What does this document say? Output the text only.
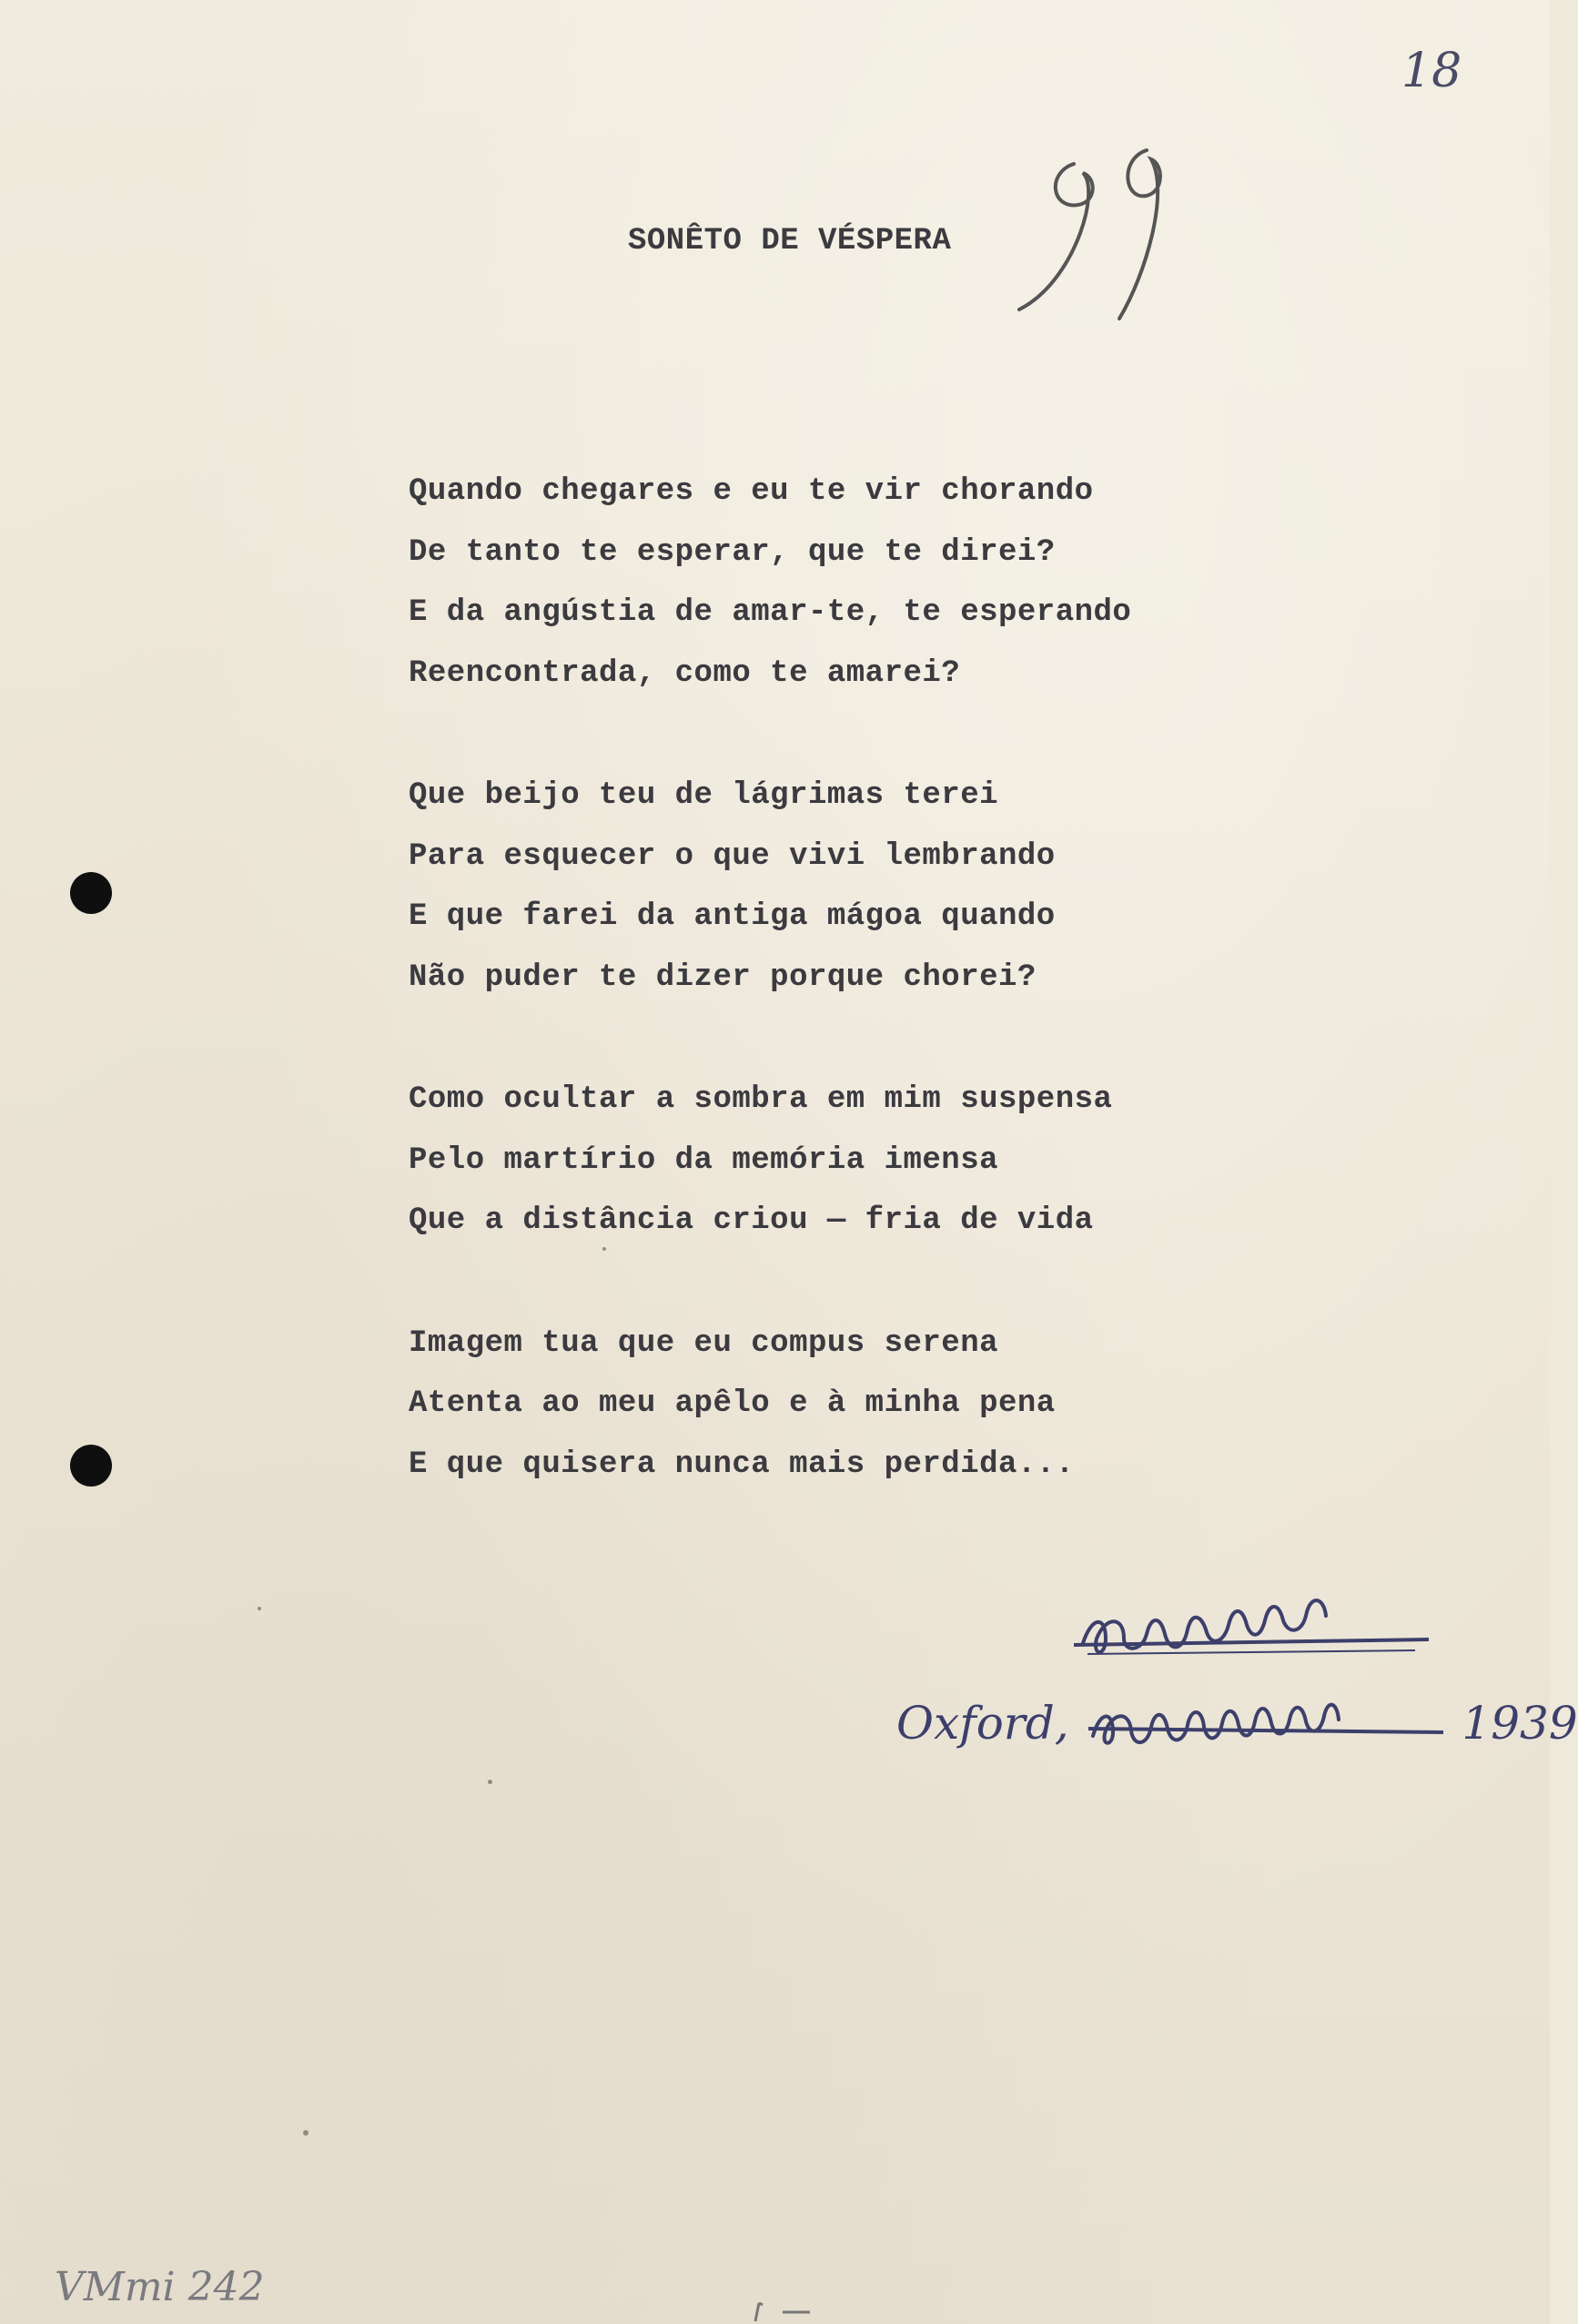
18
SONÊTO DE VÉSPERA
Quando chegares e eu te vir chorando
De tanto te esperar, que te direi?
E da angústia de amar-te, te esperando
Reencontrada, como te amarei?
Que beijo teu de lágrimas terei
Para esquecer o que vivi lembrando
E que farei da antiga mágoa quando
Não puder te dizer porque chorei?
Como ocultar a sombra em mim suspensa
Pelo martírio da memória imensa
Que a distância criou — fria de vida
Imagem tua que eu compus serena
Atenta ao meu apêlo e à minha pena
E que quisera nunca mais perdida...
Oxford,	1939
VMmi 242
